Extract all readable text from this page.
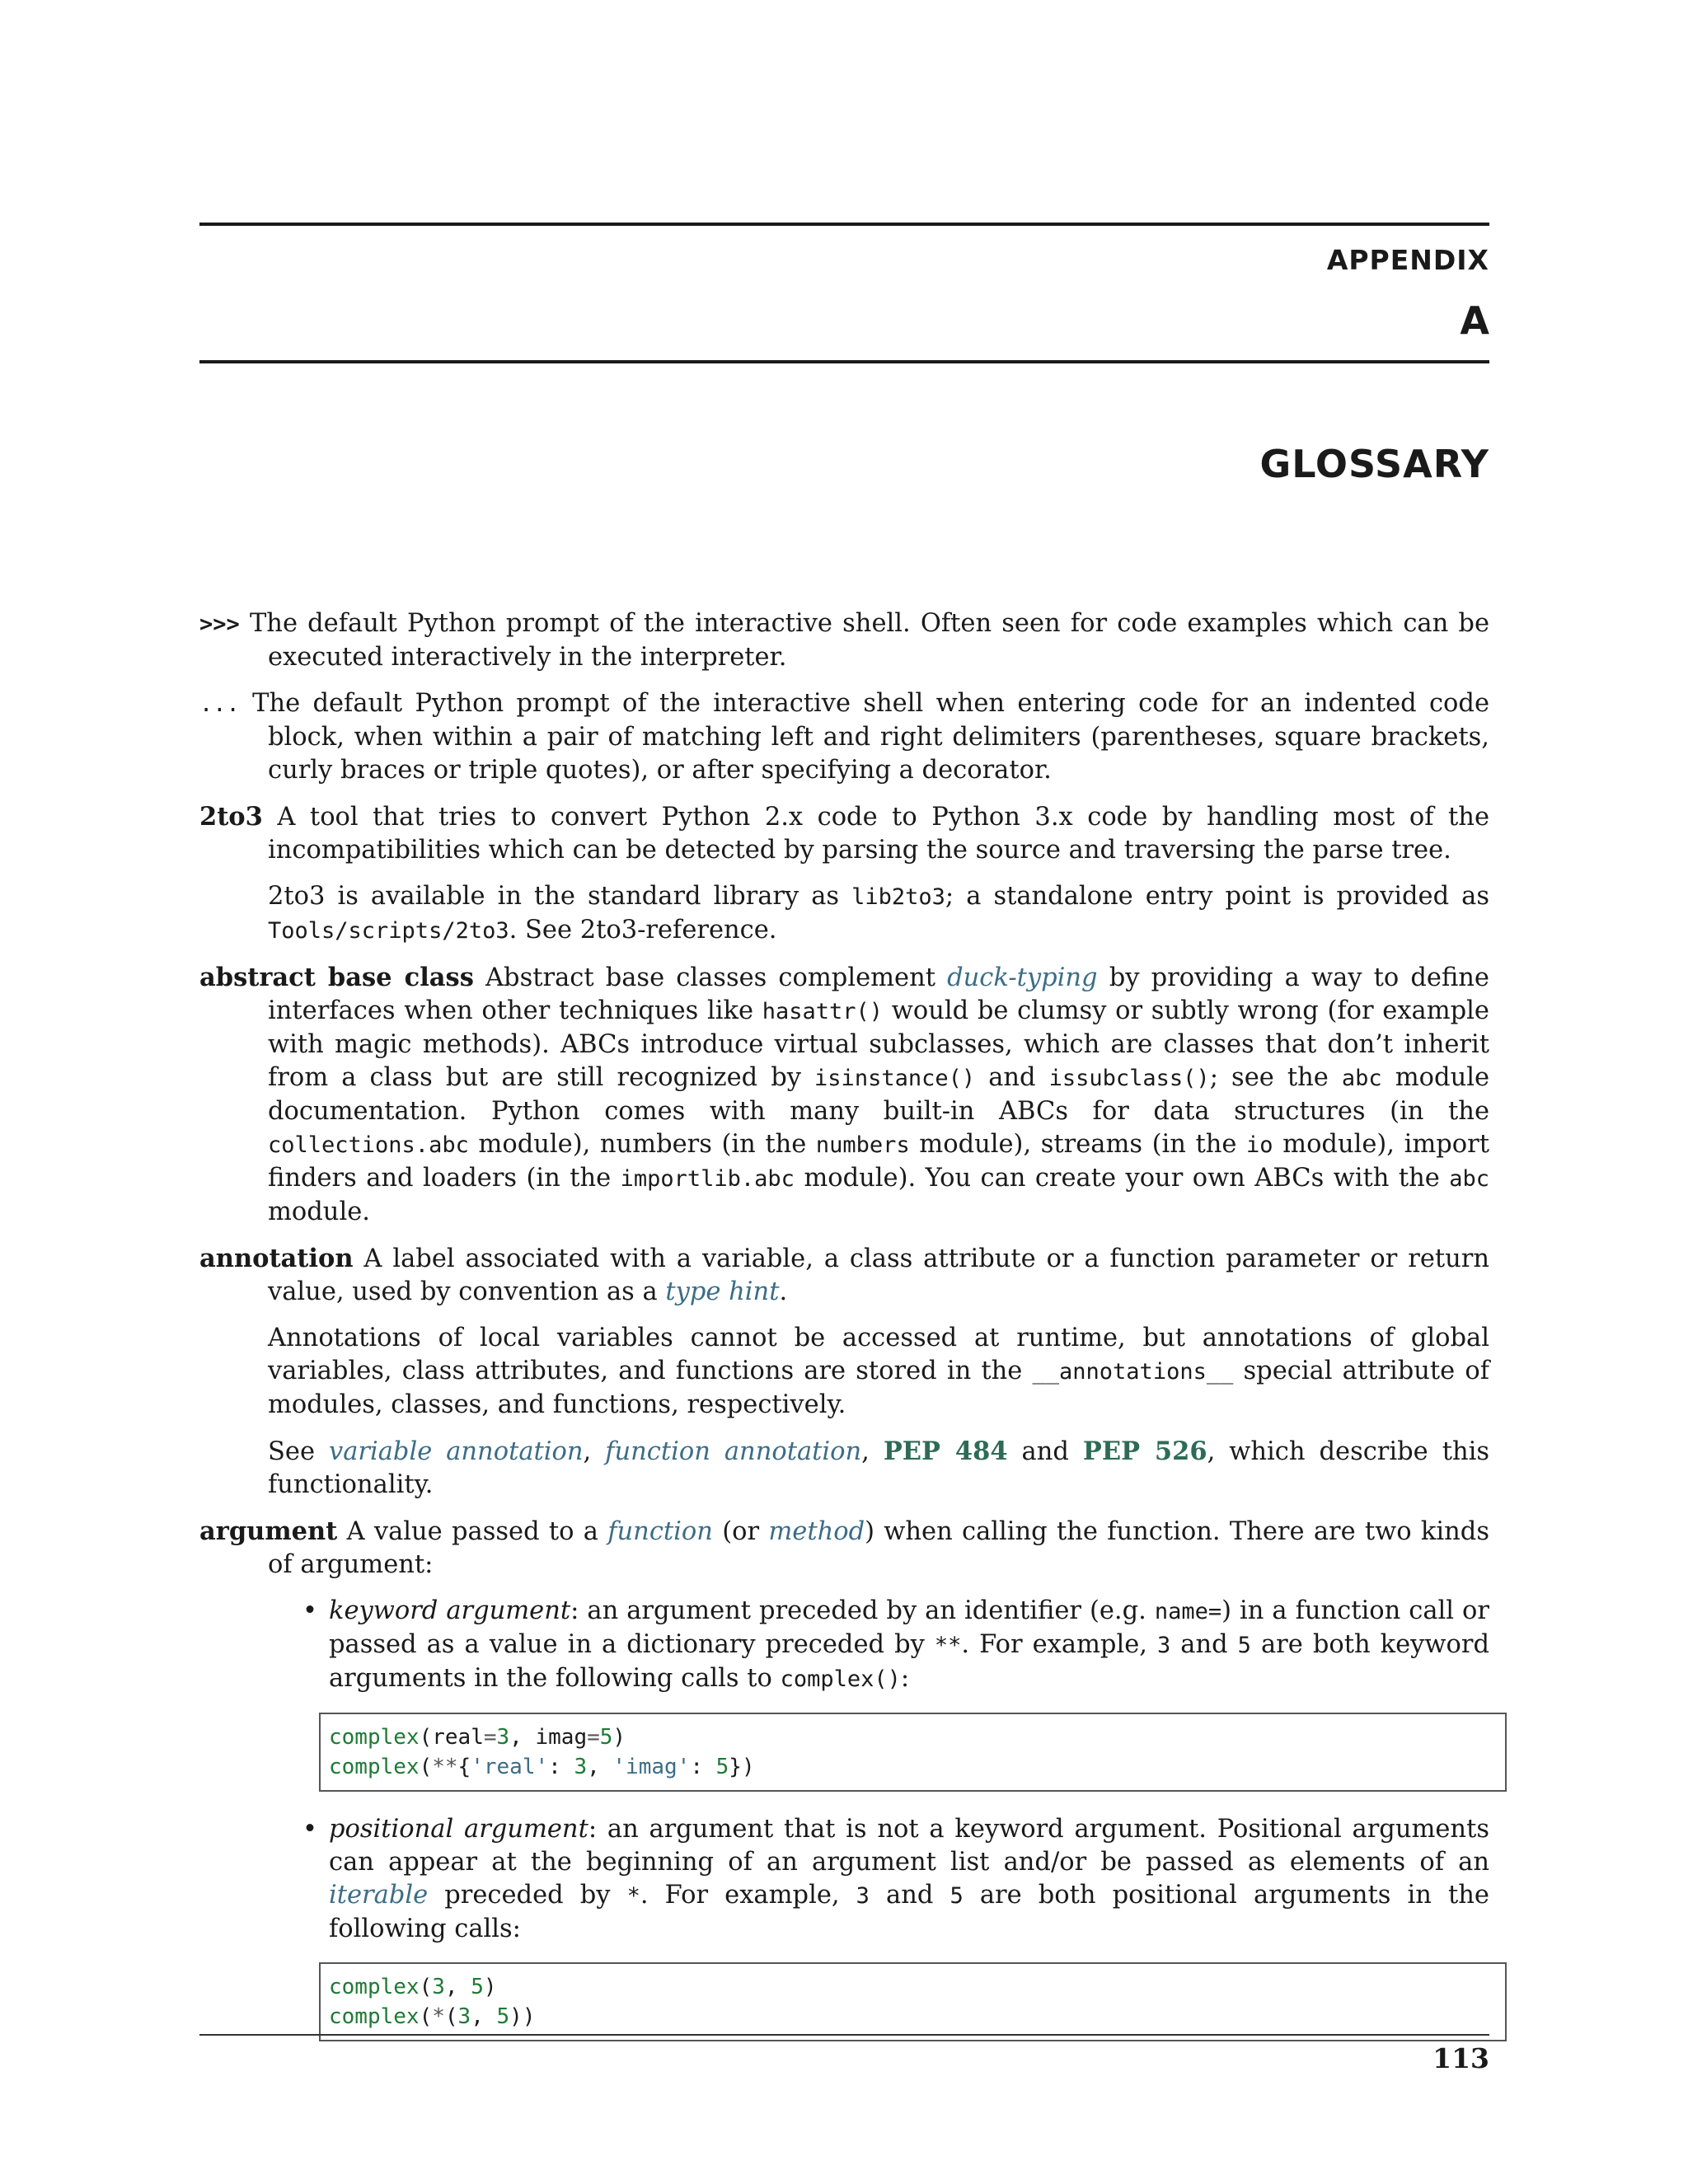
APPENDIX
A
GLOSSARY

>>> The default Python prompt of the interactive shell. Often seen for code examples which can be executed interactively in the interpreter.

... The default Python prompt of the interactive shell when entering code for an indented code block, when within a pair of matching left and right delimiters (parentheses, square brackets, curly braces or triple quotes), or after specifying a decorator.

2to3 A tool that tries to convert Python 2.x code to Python 3.x code by handling most of the incompatibilities which can be detected by parsing the source and traversing the parse tree.

2to3 is available in the standard library as lib2to3; a standalone entry point is provided as Tools/scripts/2to3. See 2to3-reference.

abstract base class Abstract base classes complement duck-typing by providing a way to define interfaces when other techniques like hasattr() would be clumsy or subtly wrong (for example with magic methods). ABCs introduce virtual subclasses, which are classes that don’t inherit from a class but are still recognized by isinstance() and issubclass(); see the abc module documentation. Python comes with many built-in ABCs for data structures (in the collections.abc module), numbers (in the numbers module), streams (in the io module), import finders and loaders (in the importlib.abc module). You can create your own ABCs with the abc module.

annotation A label associated with a variable, a class attribute or a function parameter or return value, used by convention as a type hint.

Annotations of local variables cannot be accessed at runtime, but annotations of global variables, class attributes, and functions are stored in the __annotations__ special attribute of modules, classes, and functions, respectively.

See variable annotation, function annotation, PEP 484 and PEP 526, which describe this functionality.

argument A value passed to a function (or method) when calling the function. There are two kinds of argument:

• keyword argument: an argument preceded by an identifier (e.g. name=) in a function call or passed as a value in a dictionary preceded by **. For example, 3 and 5 are both keyword arguments in the following calls to complex():

complex(real=3, imag=5)
complex(**{'real': 3, 'imag': 5})
• positional argument: an argument that is not a keyword argument. Positional arguments can appear at the beginning of an argument list and/or be passed as elements of an iterable preceded by *. For example, 3 and 5 are both positional arguments in the following calls:

complex(3, 5)
complex(*(3, 5))
113
